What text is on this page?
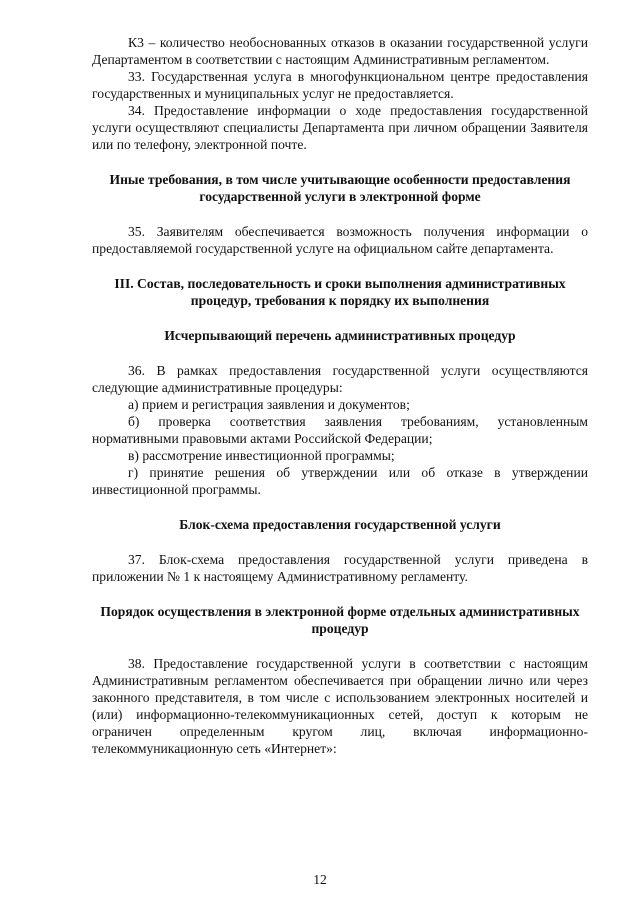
К3 – количество необоснованных отказов в оказании государственной услуги Департаментом в соответствии с настоящим Административным регламентом.

33. Государственная услуга в многофункциональном центре предоставления государственных и муниципальных услуг не предоставляется.

34. Предоставление информации о ходе предоставления государственной услуги осуществляют специалисты Департамента при личном обращении Заявителя или по телефону, электронной почте.

Иные требования, в том числе учитывающие особенности предоставления государственной услуги в электронной форме

35. Заявителям обеспечивается возможность получения информации о предоставляемой государственной услуге на официальном сайте департамента.

III. Состав, последовательность и сроки выполнения административных процедур, требования к порядку их выполнения

Исчерпывающий перечень административных процедур

36. В рамках предоставления государственной услуги осуществляются следующие административные процедуры:

а) прием и регистрация заявления и документов;

б) проверка соответствия заявления требованиям, установленным нормативными правовыми актами Российской Федерации;

в) рассмотрение инвестиционной программы;

г) принятие решения об утверждении или об отказе в утверждении инвестиционной программы.

Блок-схема предоставления государственной услуги

37. Блок-схема предоставления государственной услуги приведена в приложении № 1 к настоящему Административному регламенту.

Порядок осуществления в электронной форме отдельных административных процедур

38. Предоставление государственной услуги в соответствии с настоящим Административным регламентом обеспечивается при обращении лично или через законного представителя, в том числе с использованием электронных носителей и (или) информационно-телекоммуникационных сетей, доступ к которым не ограничен определенным кругом лиц, включая информационно-телекоммуникационную сеть «Интернет»:

12
